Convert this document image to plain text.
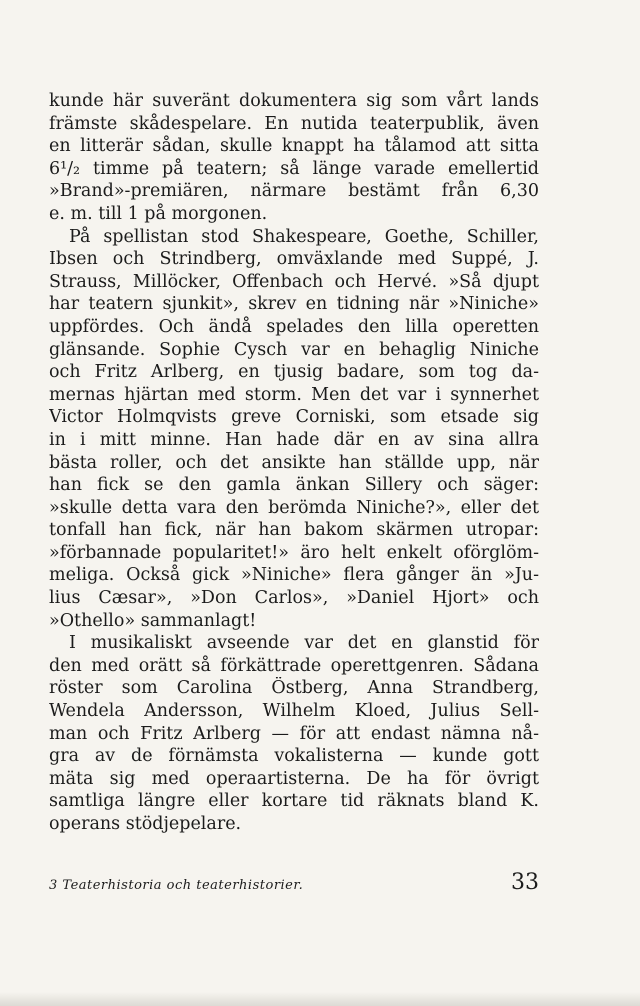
kunde här suveränt dokumentera sig som vårt lands
främste skådespelare. En nutida teaterpublik, även
en litterär sådan, skulle knappt ha tålamod att sitta
6¹/₂ timme på teatern; så länge varade emellertid
»Brand»-premiären, närmare bestämt från 6,30
e. m. till 1 på morgonen.
På spellistan stod Shakespeare, Goethe, Schiller,
Ibsen och Strindberg, omväxlande med Suppé, J.
Strauss, Millöcker, Offenbach och Hervé. »Så djupt
har teatern sjunkit», skrev en tidning när »Niniche»
uppfördes. Och ändå spelades den lilla operetten
glänsande. Sophie Cysch var en behaglig Niniche
och Fritz Arlberg, en tjusig badare, som tog da-
mernas hjärtan med storm. Men det var i synnerhet
Victor Holmqvists greve Corniski, som etsade sig
in i mitt minne. Han hade där en av sina allra
bästa roller, och det ansikte han ställde upp, när
han fick se den gamla änkan Sillery och säger:
»skulle detta vara den berömda Niniche?», eller det
tonfall han fick, när han bakom skärmen utropar:
»förbannade popularitet!» äro helt enkelt oförglöm-
meliga. Också gick »Niniche» flera gånger än »Ju-
lius Cæsar», »Don Carlos», »Daniel Hjort» och
»Othello» sammanlagt!
I musikaliskt avseende var det en glanstid för
den med orätt så förkättrade operettgenren. Sådana
röster som Carolina Östberg, Anna Strandberg,
Wendela Andersson, Wilhelm Kloed, Julius Sell-
man och Fritz Arlberg — för att endast nämna nå-
gra av de förnämsta vokalisterna — kunde gott
mäta sig med operaartisterna. De ha för övrigt
samtliga längre eller kortare tid räknats bland K.
operans stödjepelare.
3 Teaterhistoria och teaterhistorier.	33
